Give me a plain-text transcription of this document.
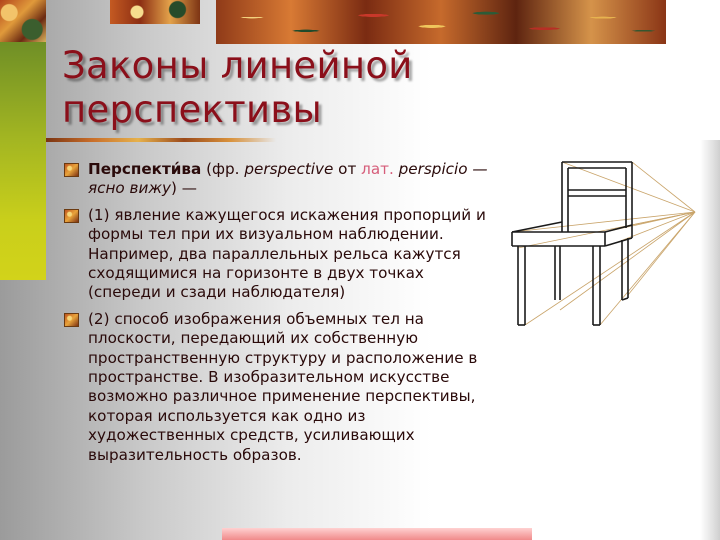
Законы линейной перспективы
Перспекти́ва (фр. perspective от лат. perspicio — ясно вижу) —
(1) явление кажущегося искажения пропорций и формы тел при их визуальном наблюдении. Например, два параллельных рельса кажутся сходящимися на горизонте в двух точках (спереди и сзади наблюдателя)
(2) способ изображения объемных тел на плоскости, передающий их собственную пространственную структуру и расположение в пространстве. В изобразительном искусстве возможно различное применение перспективы, которая используется как одно из художественных средств, усиливающих выразительность образов.
